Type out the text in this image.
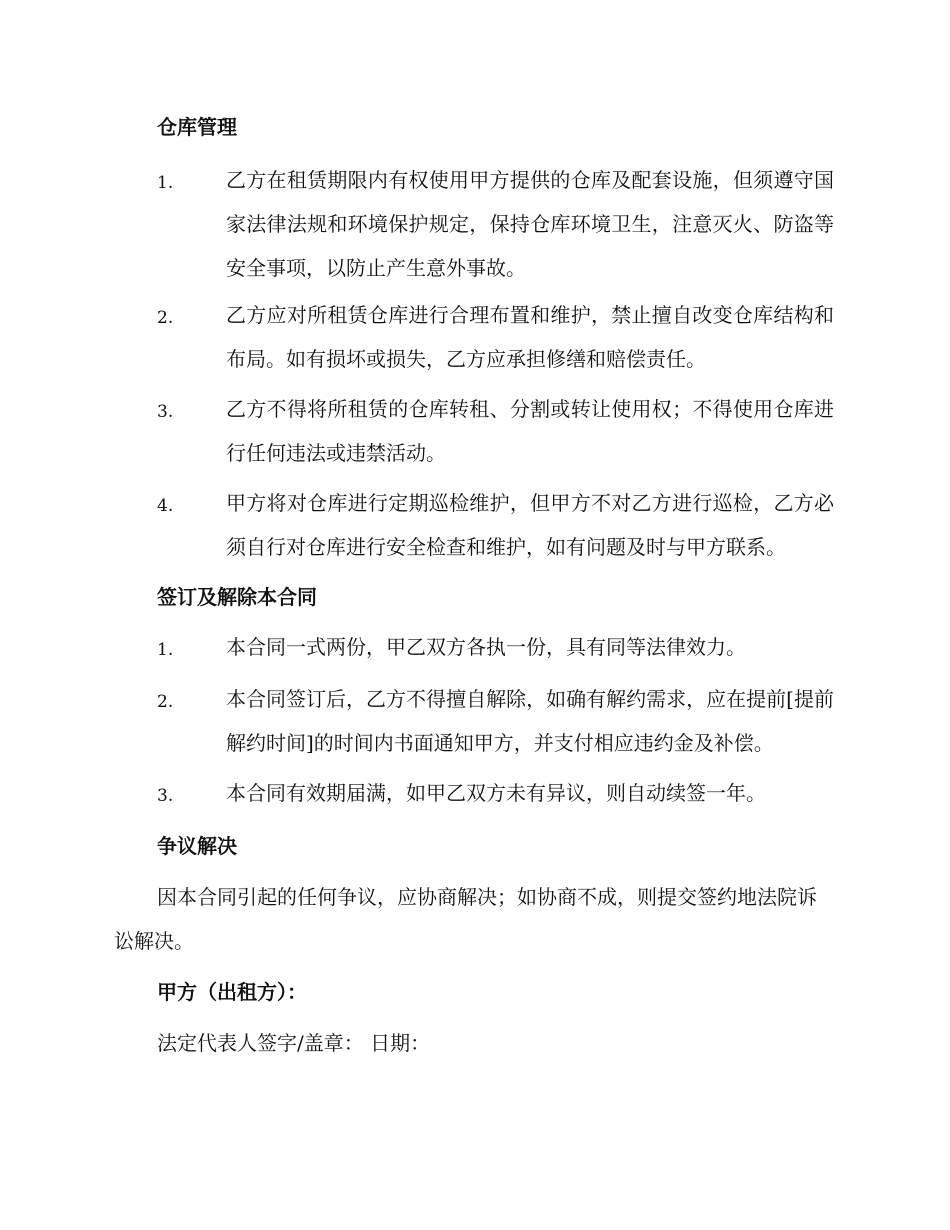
仓库管理
1.	乙方在租赁期限内有权使用甲方提供的仓库及配套设施，但须遵守国家法律法规和环境保护规定，保持仓库环境卫生，注意灭火、防盗等安全事项，以防止产生意外事故。
2.	乙方应对所租赁仓库进行合理布置和维护，禁止擅自改变仓库结构和布局。如有损坏或损失，乙方应承担修缮和赔偿责任。
3.	乙方不得将所租赁的仓库转租、分割或转让使用权；不得使用仓库进行任何违法或违禁活动。
4.	甲方将对仓库进行定期巡检维护，但甲方不对乙方进行巡检，乙方必须自行对仓库进行安全检查和维护，如有问题及时与甲方联系。
签订及解除本合同
1.	本合同一式两份，甲乙双方各执一份，具有同等法律效力。
2.	本合同签订后，乙方不得擅自解除，如确有解约需求，应在提前[提前解约时间]的时间内书面通知甲方，并支付相应违约金及补偿。
3.	本合同有效期届满，如甲乙双方未有异议，则自动续签一年。
争议解决
因本合同引起的任何争议，应协商解决；如协商不成，则提交签约地法院诉讼解决。
甲方（出租方）：
法定代表人签字/盖章： 日期：
